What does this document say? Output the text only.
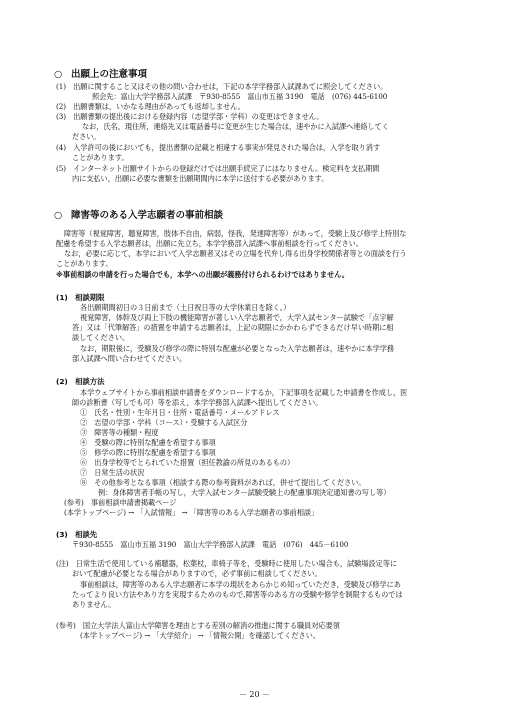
○ 出願上の注意事項
(1)　出願に関すること又はその他の問い合わせは，下記の本学学務部入試課あてに照会してください。
照会先：富山大学学務部入試課　〒930-8555　富山市五福 3190　電話　(076) 445-6100
(2)　出願書類は，いかなる理由があっても返却しません。
(3)　出願書類の提出後における登録内容（志望学部・学科）の変更はできません。
なお，氏名，現住所，連絡先又は電話番号に変更が生じた場合は，速やかに入試課へ連絡してく
ださい。
(4)　入学許可の後においても，提出書類の記載と相違する事実が発見された場合は，入学を取り消す
ことがあります。
(5)　インターネット出願サイトからの登録だけでは出願手続完了にはなりません。検定料を支払期間
内に支払い，出願に必要な書類を出願期間内に本学に送付する必要があります。
○ 障害等のある入学志願者の事前相談
障害等（視覚障害，聴覚障害，肢体不自由，病弱，怪我，発達障害等）があって，受験上及び修学上特別な
配慮を希望する入学志願者は，出願に先立ち，本学学務部入試課へ事前相談を行ってください。
なお，必要に応じて，本学において入学志願者又はその立場を代弁し得る出身学校関係者等との面談を行う
ことがあります。
※事前相談の申請を行った場合でも，本学への出願が義務付けられるわけではありません。
(1)　相談期限
各出願期間初日の３日前まで（土日祝日等の大学休業日を除く。）
視覚障害，体幹及び両上下肢の機能障害が著しい入学志願者で，大学入試センター試験で「点字解
答」又は「代筆解答」の措置を申請する志願者は，上記の期限にかかわらずできるだけ早い時期に相
談してください。
なお，期限後に，受験及び修学の際に特別な配慮が必要となった入学志願者は，速やかに本学学務
部入試課へ問い合わせてください。
(2)　相談方法
本学ウェブサイトから事前相談申請書をダウンロードするか，下記事項を記載した申請書を作成し，医
師の診断書（写しでも可）等を添え，本学学務部入試課へ提出してください。
①　氏名・性別・生年月日・住所・電話番号・メールアドレス
②　志望の学部・学科（コース）・受験する入試区分
③　障害等の種類・程度
④　受験の際に特別な配慮を希望する事項
⑤　修学の際に特別な配慮を希望する事項
⑥　出身学校等でとられていた措置（担任教諭の所見のあるもの）
⑦　日常生活の状況
⑧　その他参考となる事項（相談する際の参考資料があれば，併せて提出してください。
例：身体障害者手帳の写し，大学入試センター試験受験上の配慮事項決定通知書の写し等）
(参考)　事前相談申請書掲載ページ
(本学トップページ) → 「入試情報」 → 「障害等のある入学志願者の事前相談」
(3)　相談先
〒930-8555　富山市五福 3190　富山大学学務部入試課　電話　(076)　445－6100
(注)　日常生活で使用している補聴器，松葉杖，車椅子等を，受験時に使用したい場合も，試験場設定等に
おいて配慮が必要となる場合がありますので，必ず事前に相談してください。
事前相談は，障害等のある入学志願者に本学の現状をあらかじめ知っていただき，受験及び修学にあ
たってより良い方法やあり方を実現するためのもので,障害等のある方の受験や修学を制限するものでは
ありません。
(参考)　国立大学法人富山大学障害を理由とする差別の解消の推進に関する職員対応要領
(本学トップページ) → 「大学紹介」 → 「情報公開」を確認してください。
－ 20 －
